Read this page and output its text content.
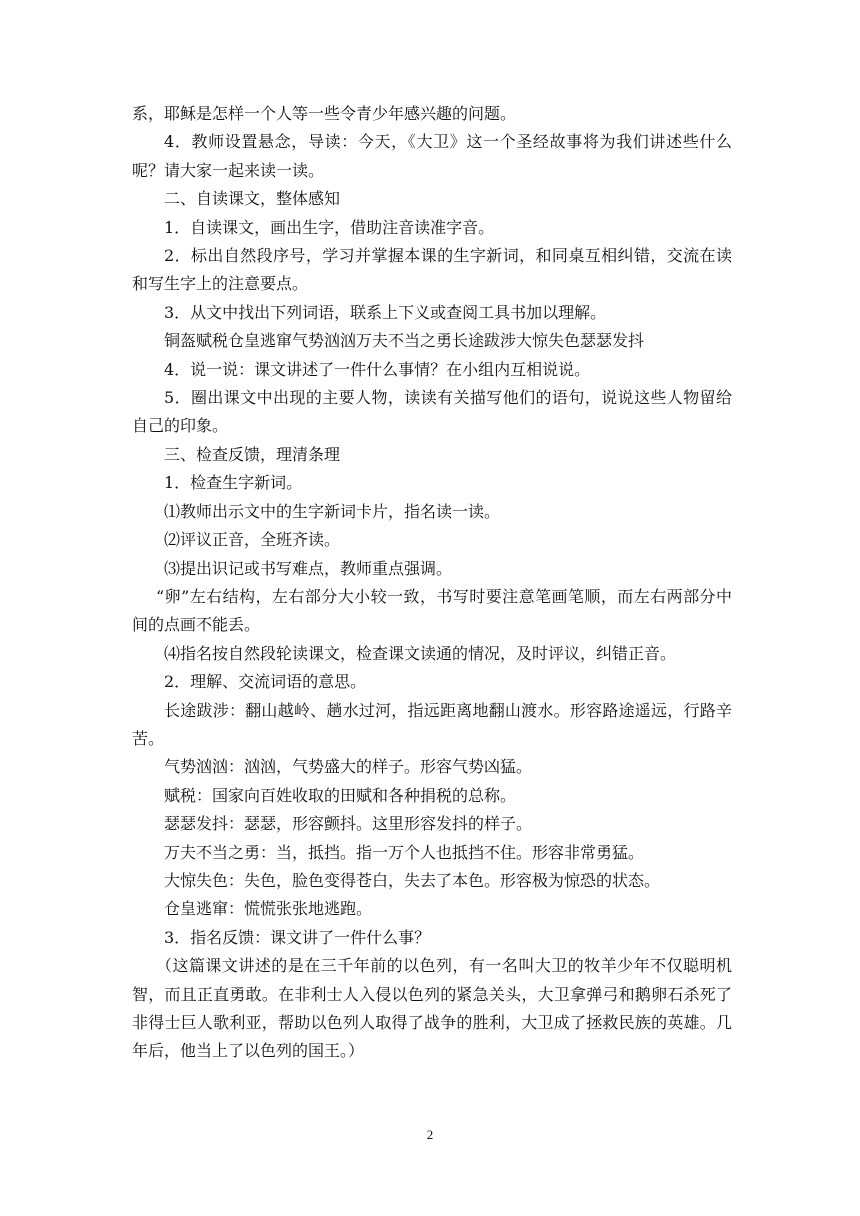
系，耶稣是怎样一个人等一些令青少年感兴趣的问题。

4．教师设置悬念，导读：今天，《大卫》这一个圣经故事将为我们讲述些什么呢？请大家一起来读一读。

二、自读课文，整体感知

1．自读课文，画出生字，借助注音读准字音。

2．标出自然段序号，学习并掌握本课的生字新词，和同桌互相纠错，交流在读和写生字上的注意要点。

3．从文中找出下列词语，联系上下义或查阅工具书加以理解。

铜盔赋税仓皇逃窜气势汹汹万夫不当之勇长途跋涉大惊失色瑟瑟发抖

4．说一说：课文讲述了一件什么事情？在小组内互相说说。

5．圈出课文中出现的主要人物，读读有关描写他们的语句，说说这些人物留给自己的印象。

三、检查反馈，理清条理

1．检查生字新词。

⑴教师出示文中的生字新词卡片，指名读一读。

⑵评议正音，全班齐读。

⑶提出识记或书写难点，教师重点强调。

“卵”左右结构，左右部分大小较一致，书写时要注意笔画笔顺，而左右两部分中间的点画不能丢。

⑷指名按自然段轮读课文，检查课文读通的情况，及时评议，纠错正音。

2．理解、交流词语的意思。

长途跋涉：翻山越岭、趟水过河，指远距离地翻山渡水。形容路途遥远，行路辛苦。

气势汹汹：汹汹，气势盛大的样子。形容气势凶猛。

赋税：国家向百姓收取的田赋和各种捐税的总称。

瑟瑟发抖：瑟瑟，形容颤抖。这里形容发抖的样子。

万夫不当之勇：当，抵挡。指一万个人也抵挡不住。形容非常勇猛。

大惊失色：失色，脸色变得苍白，失去了本色。形容极为惊恐的状态。

仓皇逃窜：慌慌张张地逃跑。

3．指名反馈：课文讲了一件什么事？

（这篇课文讲述的是在三千年前的以色列，有一名叫大卫的牧羊少年不仅聪明机智，而且正直勇敢。在非利士人入侵以色列的紧急关头，大卫拿弹弓和鹅卵石杀死了非得士巨人歌利亚，帮助以色列人取得了战争的胜利，大卫成了拯救民族的英雄。几年后，他当上了以色列的国王。）

2
